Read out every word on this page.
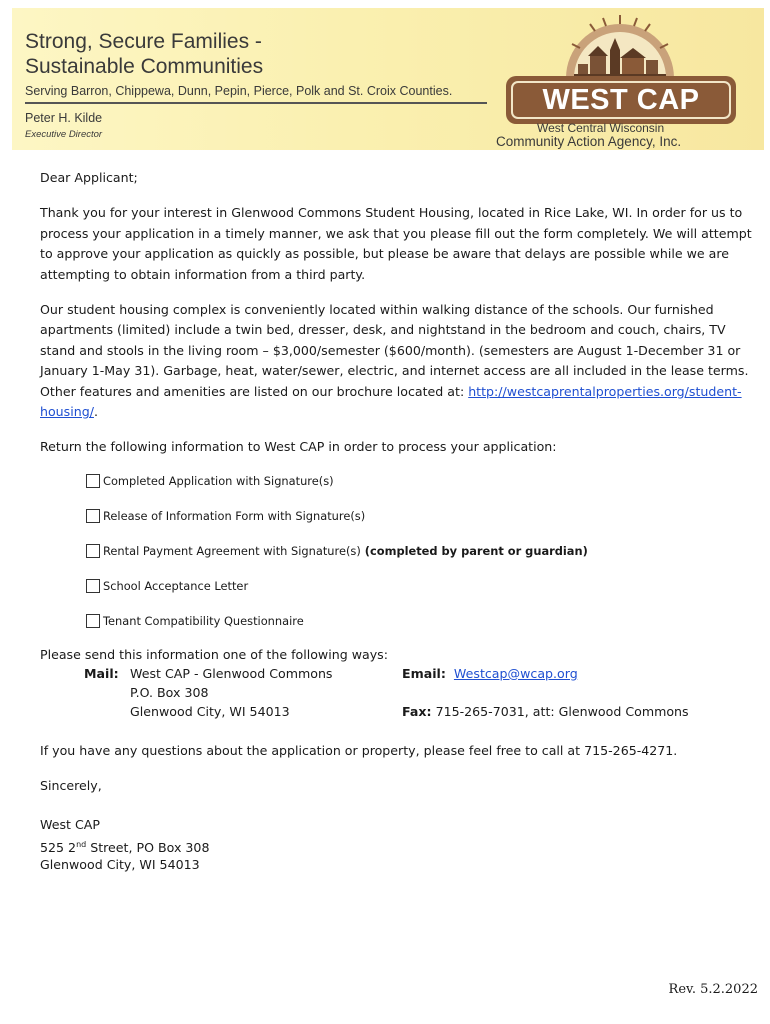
Strong, Secure Families -
Sustainable Communities
Serving Barron, Chippewa, Dunn, Pepin, Pierce, Polk and St. Croix Counties.
Peter H. Kilde
Executive Director
WEST CAP
West Central Wisconsin
Community Action Agency, Inc.

Dear Applicant;

Thank you for your interest in Glenwood Commons Student Housing, located in Rice Lake, WI. In order for us to process your application in a timely manner, we ask that you please fill out the form completely. We will attempt to approve your application as quickly as possible, but please be aware that delays are possible while we are attempting to obtain information from a third party.

Our student housing complex is conveniently located within walking distance of the schools. Our furnished apartments (limited) include a twin bed, dresser, desk, and nightstand in the bedroom and couch, chairs, TV stand and stools in the living room – $3,000/semester ($600/month). (semesters are August 1-December 31 or January 1-May 31). Garbage, heat, water/sewer, electric, and internet access are all included in the lease terms. Other features and amenities are listed on our brochure located at: http://westcaprentalproperties.org/student-housing/.

Return the following information to West CAP in order to process your application:

Completed Application with Signature(s)
Release of Information Form with Signature(s)
Rental Payment Agreement with Signature(s) (completed by parent or guardian)
School Acceptance Letter
Tenant Compatibility Questionnaire
Please send this information one of the following ways:
Mail: West CAP - Glenwood Commons
P.O. Box 308
Glenwood City, WI 54013
Email: Westcap@wcap.org
Fax: 715-265-7031, att: Glenwood Commons

If you have any questions about the application or property, please feel free to call at 715-265-4271.

Sincerely,

West CAP
525 2nd Street, PO Box 308
Glenwood City, WI 54013
Rev. 5.2.2022
